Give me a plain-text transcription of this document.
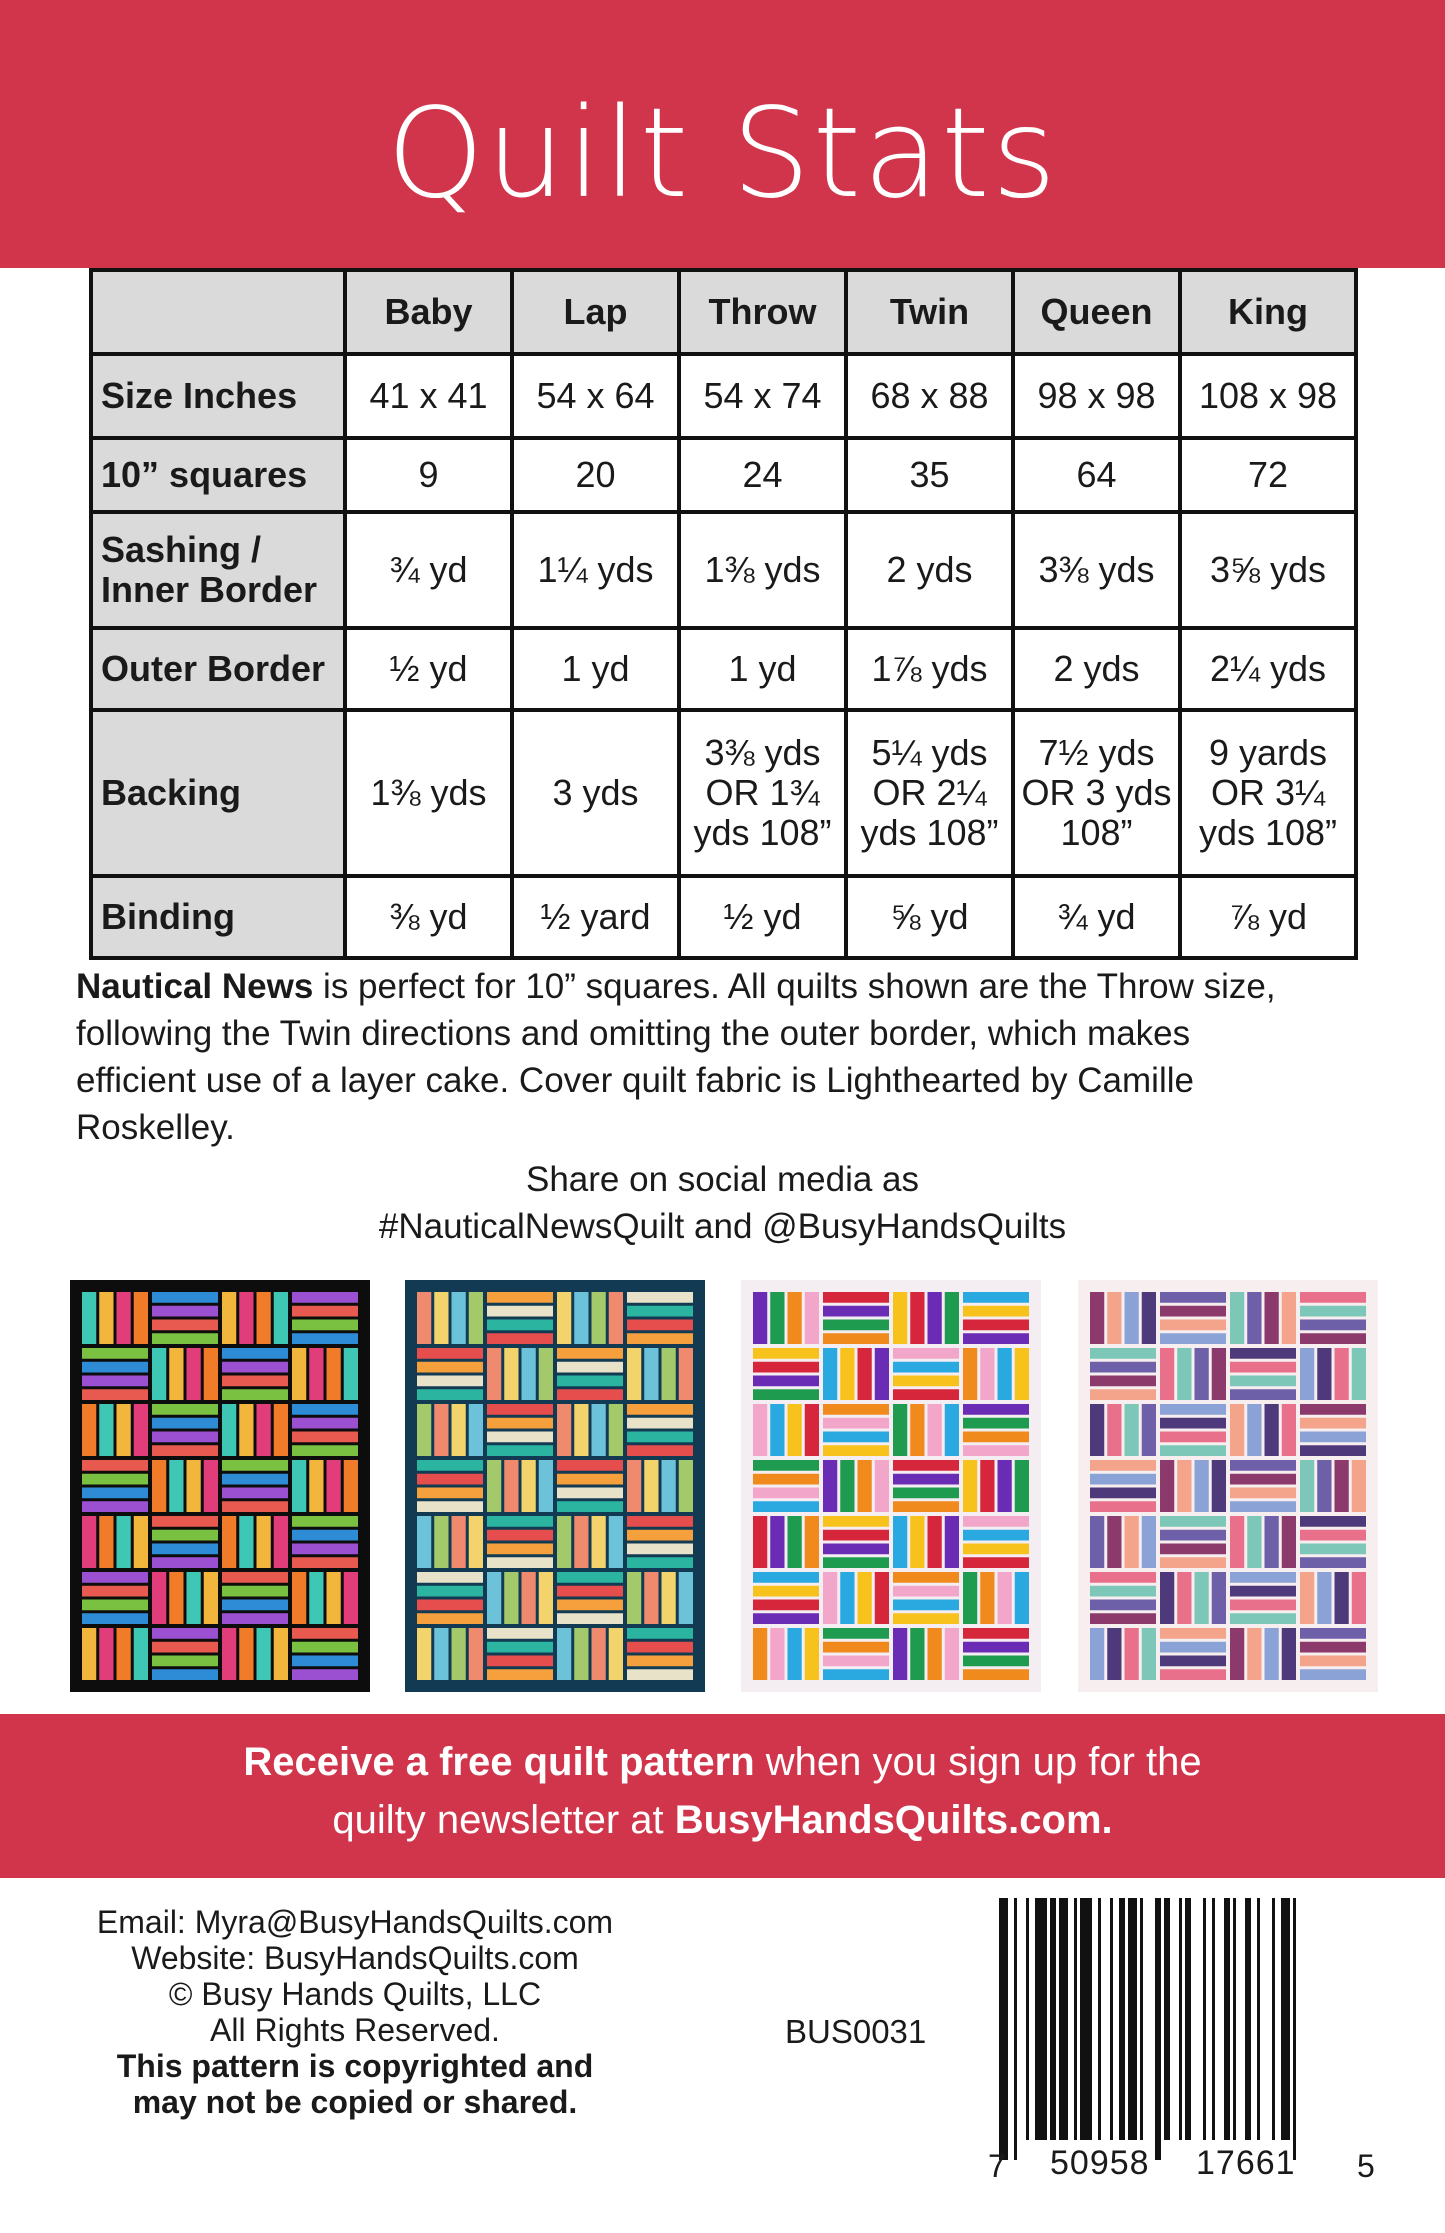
Quilt Stats
	Baby	Lap	Throw	Twin	Queen	King
Size Inches	41 x 41	54 x 64	54 x 74	68 x 88	98 x 98	108 x 98
10” squares	9	20	24	35	64	72
Sashing / Inner Border	¾ yd	1¼ yds	1⅜ yds	2 yds	3⅜ yds	3⅝ yds
Outer Border	½ yd	1 yd	1 yd	1⅞ yds	2 yds	2¼ yds
Backing	1⅜ yds	3 yds	3⅜ yds OR 1¾ yds 108”	5¼ yds OR 2¼ yds 108”	7½ yds OR 3 yds 108”	9 yards OR 3¼ yds 108”
Binding	⅜ yd	½ yard	½ yd	⅝ yd	¾ yd	⅞ yd
Nautical News is perfect for 10” squares. All quilts shown are the Throw size,
following the Twin directions and omitting the outer border, which makes
efficient use of a layer cake. Cover quilt fabric is Lighthearted by Camille
Roskelley.
Share on social media as
#NauticalNewsQuilt and @BusyHandsQuilts
Receive a free quilt pattern when you sign up for the
quilty newsletter at BusyHandsQuilts.com.
Email: Myra@BusyHandsQuilts.com
Website: BusyHandsQuilts.com
© Busy Hands Quilts, LLC
All Rights Reserved.
This pattern is copyrighted and
may not be copied or shared.
BUS0031
7 50958 17661 5
